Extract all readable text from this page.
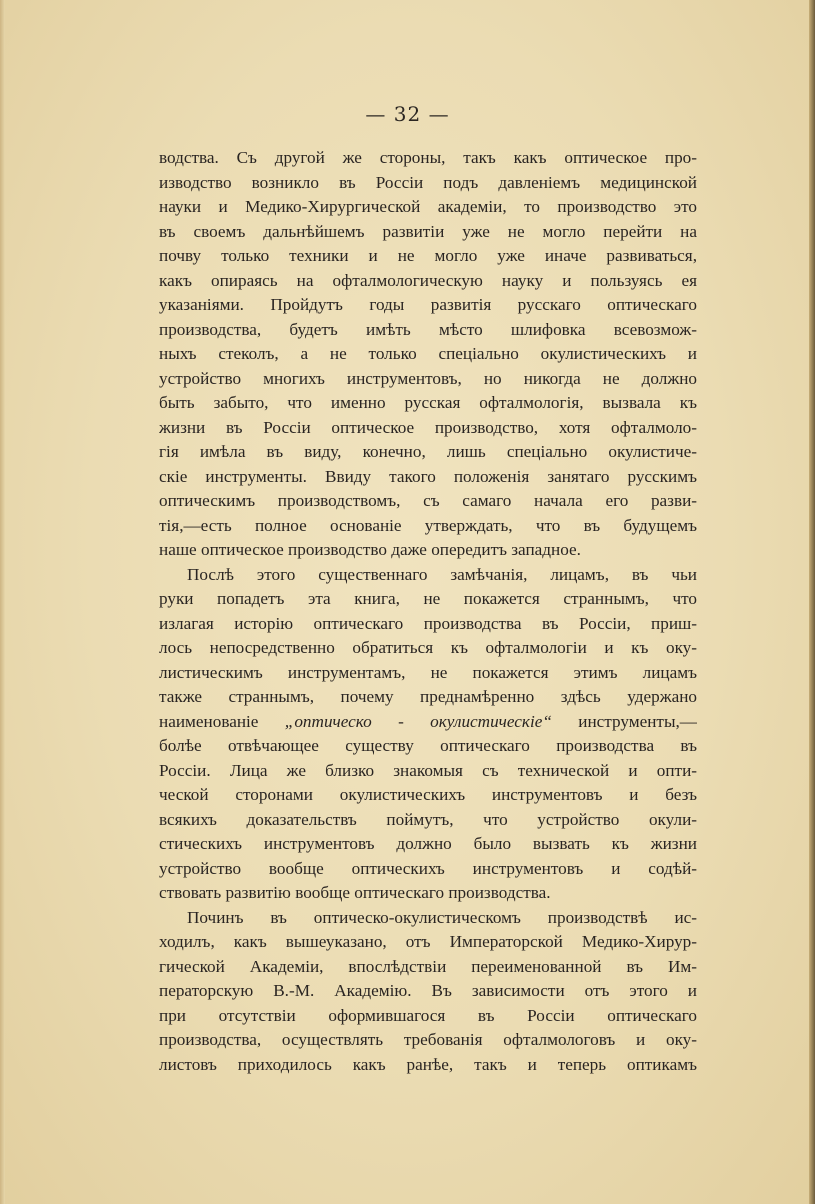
— 32 —
водства. Съ другой же стороны, такъ какъ оптическое про-
изводство возникло въ Россіи подъ давленіемъ медицинской
науки и Медико-Хирургической академіи, то производство это
въ своемъ дальнѣйшемъ развитіи уже не могло перейти на
почву только техники и не могло уже иначе развиваться,
какъ опираясь на офталмологическую науку и пользуясь ея
указаніями. Пройдутъ годы развитія русскаго оптическаго
производства, будетъ имѣть мѣсто шлифовка всевозмож-
ныхъ стеколъ, а не только спеціально окулистическихъ и
устройство многихъ инструментовъ, но никогда не должно
быть забыто, что именно русская офталмологія, вызвала къ
жизни въ Россіи оптическое производство, хотя офталмоло-
гія имѣла въ виду, конечно, лишь спеціально окулистиче-
скіе инструменты. Ввиду такого положенія занятаго русскимъ
оптическимъ производствомъ, съ самаго начала его разви-
тія,—есть полное основаніе утверждать, что въ будущемъ
наше оптическое производство даже опередитъ западное.
Послѣ этого существеннаго замѣчанія, лицамъ, въ чьи
руки попадетъ эта книга, не покажется страннымъ, что
излагая исторію оптическаго производства въ Россіи, приш-
лось непосредственно обратиться къ офталмологіи и къ оку-
листическимъ инструментамъ, не покажется этимъ лицамъ
также страннымъ, почему преднамѣренно здѣсь удержано
наименованіе „оптическо - окулистическіе“ инструменты,—
болѣе отвѣчающее существу оптическаго производства въ
Россіи. Лица же близко знакомыя съ технической и опти-
ческой сторонами окулистическихъ инструментовъ и безъ
всякихъ доказательствъ поймутъ, что устройство окули-
стическихъ инструментовъ должно было вызвать къ жизни
устройство вообще оптическихъ инструментовъ и содѣй-
ствовать развитію вообще оптическаго производства.
Починъ въ оптическо-окулистическомъ производствѣ ис-
ходилъ, какъ вышеуказано, отъ Императорской Медико-Хирур-
гической Академіи, впослѣдствіи переименованной въ Им-
ператорскую В.-М. Академію. Въ зависимости отъ этого и
при отсутствіи оформившагося въ Россіи оптическаго
производства, осуществлять требованія офталмологовъ и оку-
листовъ приходилось какъ ранѣе, такъ и теперь оптикамъ
